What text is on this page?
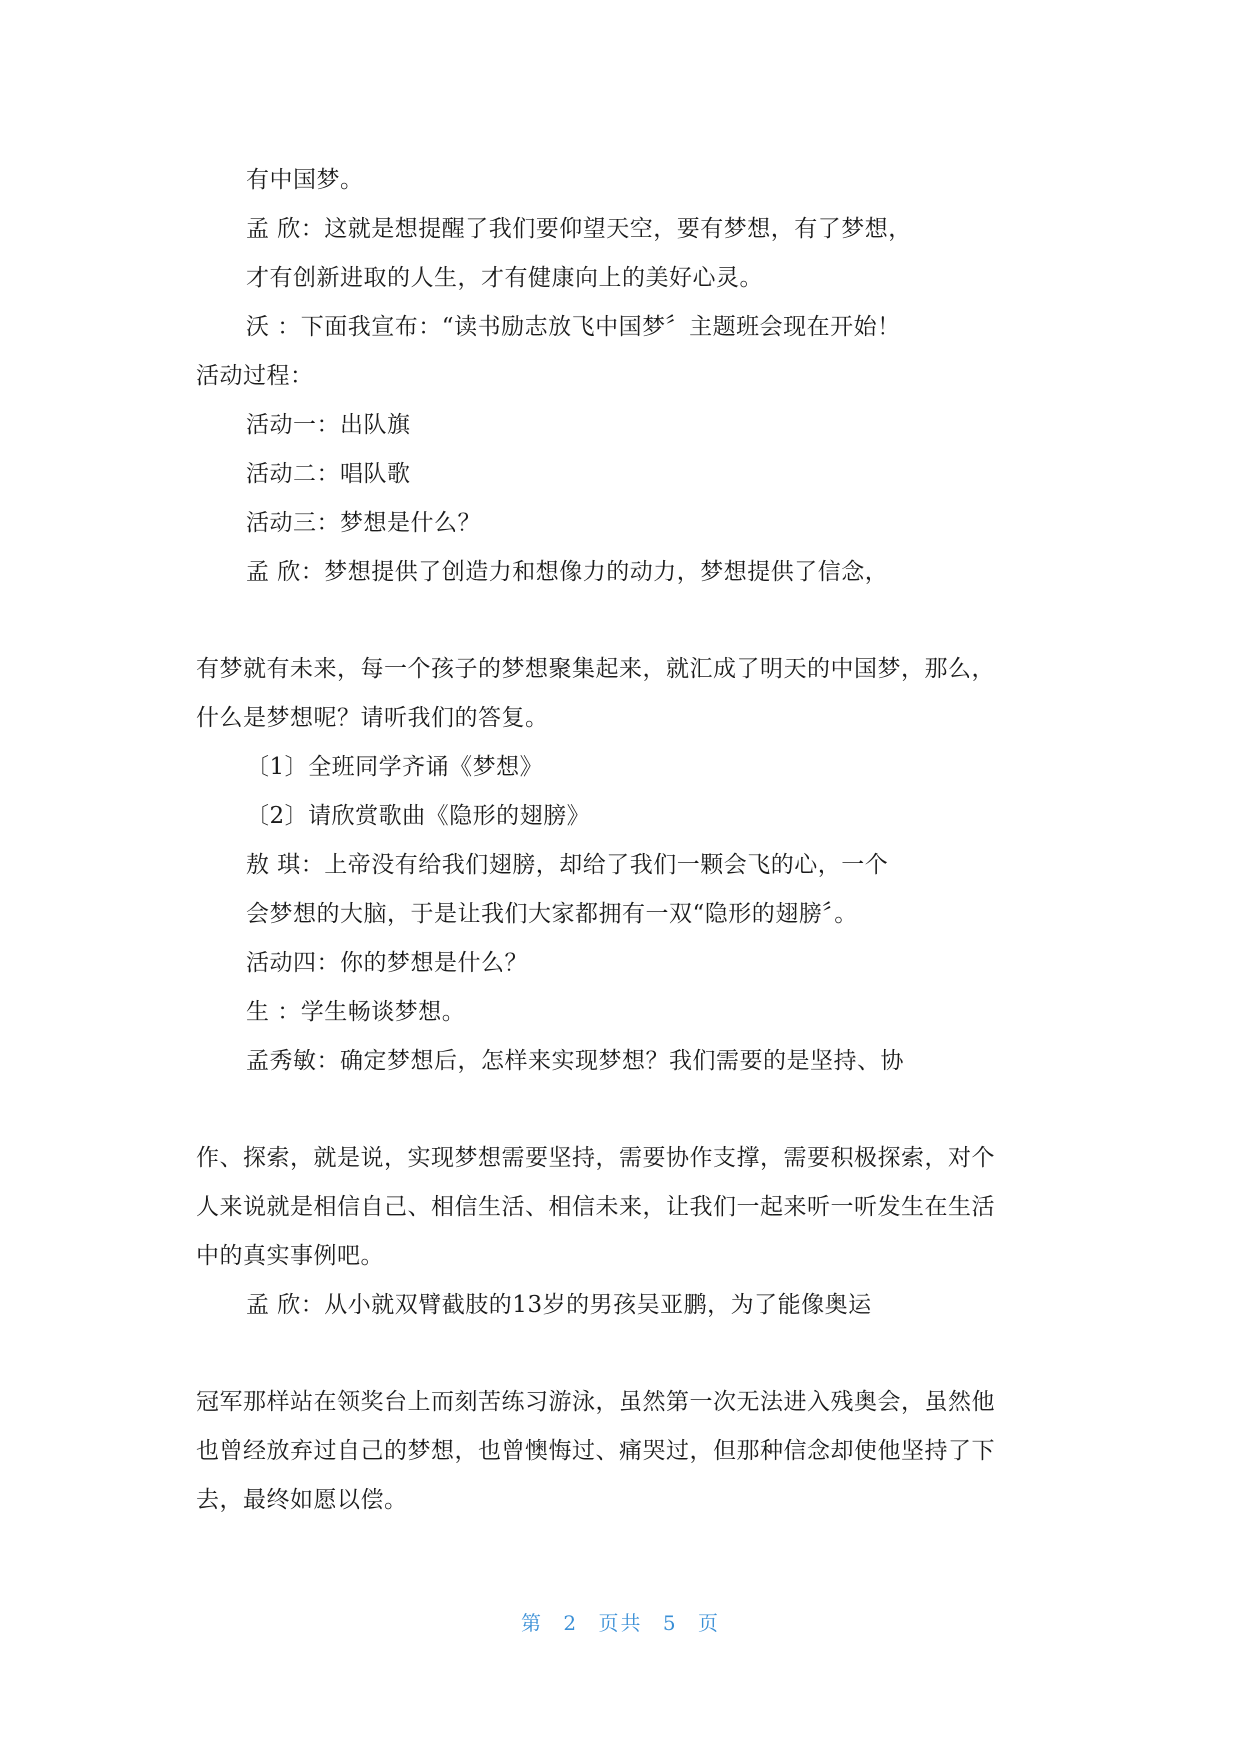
有中国梦。
孟 欣：这就是想提醒了我们要仰望天空，要有梦想，有了梦想，
才有创新进取的人生，才有健康向上的美好心灵。
沃 ：下面我宣布：“读书励志放飞中国梦〞主题班会现在开始！
活动过程：
活动一：出队旗
活动二：唱队歌
活动三：梦想是什么？
孟 欣：梦想提供了创造力和想像力的动力，梦想提供了信念，
有梦就有未来，每一个孩子的梦想聚集起来，就汇成了明天的中国梦，那么，
什么是梦想呢？请听我们的答复。
〔1〕全班同学齐诵《梦想》
〔2〕请欣赏歌曲《隐形的翅膀》
敖 琪：上帝没有给我们翅膀，却给了我们一颗会飞的心，一个
会梦想的大脑，于是让我们大家都拥有一双“隐形的翅膀〞。
活动四：你的梦想是什么？
生 ：学生畅谈梦想。
孟秀敏：确定梦想后，怎样来实现梦想？我们需要的是坚持、协
作、探索，就是说，实现梦想需要坚持，需要协作支撑，需要积极探索，对个
人来说就是相信自己、相信生活、相信未来，让我们一起来听一听发生在生活
中的真实事例吧。
孟 欣：从小就双臂截肢的13岁的男孩吴亚鹏，为了能像奥运
冠军那样站在领奖台上而刻苦练习游泳，虽然第一次无法进入残奥会，虽然他
也曾经放弃过自己的梦想，也曾懊悔过、痛哭过，但那种信念却使他坚持了下
去，最终如愿以偿。
第 2 页共 5 页
